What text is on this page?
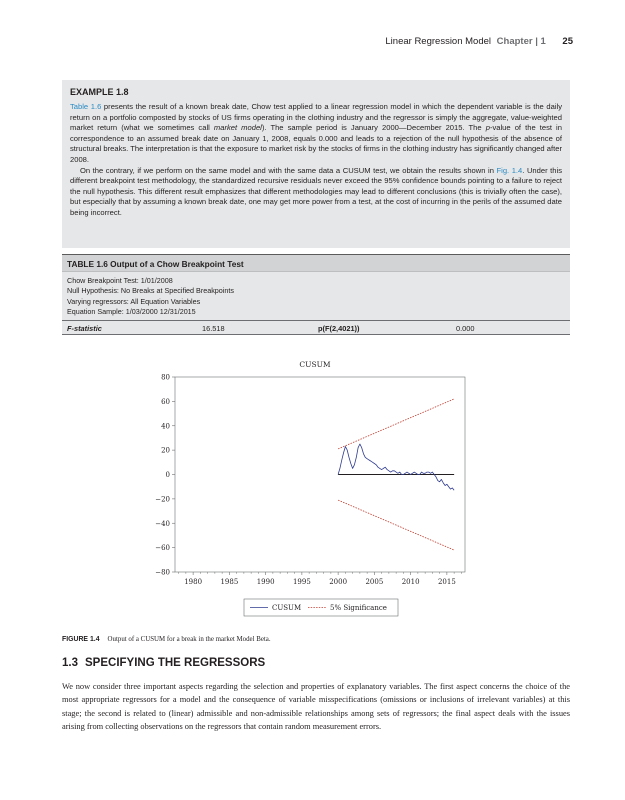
Linear Regression Model Chapter | 1 25
EXAMPLE 1.8

Table 1.6 presents the result of a known break date, Chow test applied to a linear regression model in which the dependent variable is the daily return on a portfolio composted by stocks of US firms operating in the clothing industry and the regressor is simply the aggregate, value-weighted market return (what we sometimes call market model). The sample period is January 2000—December 2015. The p-value of the test in correspondence to an assumed break date on January 1, 2008, equals 0.000 and leads to a rejection of the null hypothesis of the absence of structural breaks. The interpretation is that the exposure to market risk by the stocks of firms in the clothing industry has significantly changed after 2008.

On the contrary, if we perform on the same model and with the same data a CUSUM test, we obtain the results shown in Fig. 1.4. Under this different breakpoint test methodology, the standardized recursive residuals never exceed the 95% confidence bounds pointing to a failure to reject the null hypothesis. This different result emphasizes that different methodologies may lead to different conclusions (this is trivially often the case), but especially that by assuming a known break date, one may get more power from a test, at the cost of incurring in the perils of the assumed date being incorrect.

TABLE 1.6 Output of a Chow Breakpoint Test
Chow Breakpoint Test: 1/01/2008
Null Hypothesis: No Breaks at Specified Breakpoints
Varying regressors: All Equation Variables
Equation Sample: 1/03/2000 12/31/2015
F-statistic	16.518	p(F(2,4021))	0.000
CUSUM
−80
−60
−40
−20
0
20
40
60
80
1980	1985	1990	1995	2000	2005	2010	2015
CUSUM	5% Significance
FIGURE 1.4 Output of a CUSUM for a break in the market Model Beta.
1.3 SPECIFYING THE REGRESSORS

We now consider three important aspects regarding the selection and properties of explanatory variables. The first aspect concerns the choice of the most appropriate regressors for a model and the consequence of variable misspecifications (omissions or inclusions of irrelevant variables) at this stage; the second is related to (linear) admissible and non-admissible relationships among sets of regressors; the final aspect deals with the issues arising from collecting observations on the regressors that contain random measurement errors.
